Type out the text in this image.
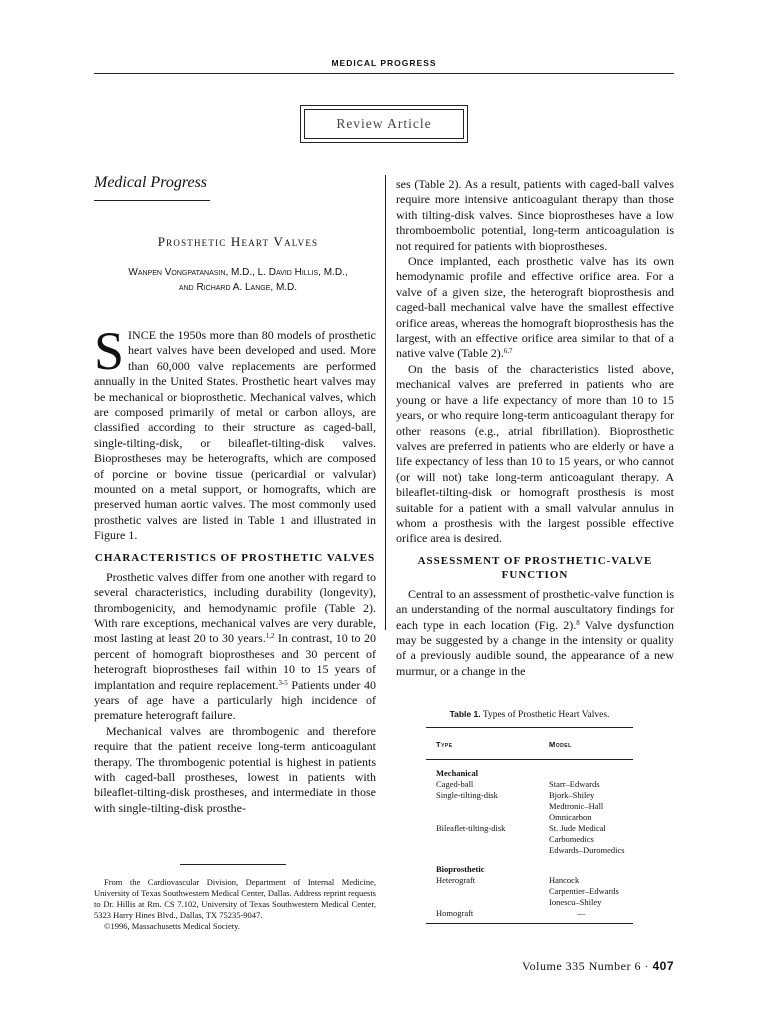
MEDICAL PROGRESS
Review Article
Medical Progress
Prosthetic Heart Valves
Wanpen Vongpatanasin, M.D., L. David Hillis, M.D.,
and Richard A. Lange, M.D.

SINCE the 1950s more than 80 models of prosthetic heart valves have been developed and used. More than 60,000 valve replacements are performed annually in the United States. Prosthetic heart valves may be mechanical or bioprosthetic. Mechanical valves, which are composed primarily of metal or carbon alloys, are classified according to their structure as caged-ball, single-tilting-disk, or bileaflet-tilting-disk valves. Bioprostheses may be heterografts, which are composed of porcine or bovine tissue (pericardial or valvular) mounted on a metal support, or homografts, which are preserved human aortic valves. The most commonly used prosthetic valves are listed in Table 1 and illustrated in Figure 1.

CHARACTERISTICS OF PROSTHETIC VALVES

Prosthetic valves differ from one another with regard to several characteristics, including durability (longevity), thrombogenicity, and hemodynamic profile (Table 2). With rare exceptions, mechanical valves are very durable, most lasting at least 20 to 30 years.$^{1,2}$ In contrast, 10 to 20 percent of homograft bioprostheses and 30 percent of heterograft bioprostheses fail within 10 to 15 years of implantation and require replacement.$^{3-5}$ Patients under 40 years of age have a particularly high incidence of premature heterograft failure.

Mechanical valves are thrombogenic and therefore require that the patient receive long-term anticoagulant therapy. The thrombogenic potential is highest in patients with caged-ball prostheses, lowest in patients with bileaflet-tilting-disk prostheses, and intermediate in those with single-tilting-disk prosthe-

ses (Table 2). As a result, patients with caged-ball valves require more intensive anticoagulant therapy than those with tilting-disk valves. Since bioprostheses have a low thromboembolic potential, long-term anticoagulation is not required for patients with bioprostheses.

Once implanted, each prosthetic valve has its own hemodynamic profile and effective orifice area. For a valve of a given size, the heterograft bioprosthesis and caged-ball mechanical valve have the smallest effective orifice areas, whereas the homograft bioprosthesis has the largest, with an effective orifice area similar to that of a native valve (Table 2).$^{6,7}$

On the basis of the characteristics listed above, mechanical valves are preferred in patients who are young or have a life expectancy of more than 10 to 15 years, or who require long-term anticoagulant therapy for other reasons (e.g., atrial fibrillation). Bioprosthetic valves are preferred in patients who are elderly or have a life expectancy of less than 10 to 15 years, or who cannot (or will not) take long-term anticoagulant therapy. A bileaflet-tilting-disk or homograft prosthesis is most suitable for a patient with a small valvular annulus in whom a prosthesis with the largest possible effective orifice area is desired.

ASSESSMENT OF PROSTHETIC-VALVE FUNCTION

Central to an assessment of prosthetic-valve function is an understanding of the normal auscultatory findings for each type in each location (Fig. 2).$^8$ Valve dysfunction may be suggested by a change in the intensity or quality of a previously audible sound, the appearance of a new murmur, or a change in the

From the Cardiovascular Division, Department of Internal Medicine, University of Texas Southwestern Medical Center, Dallas. Address reprint requests to Dr. Hillis at Rm. CS 7.102, University of Texas Southwestern Medical Center, 5323 Harry Hines Blvd., Dallas, TX 75235-9047.

©1996, Massachusetts Medical Society.

Table 1. Types of Prosthetic Heart Valves.
Type	Model
Mechanical
Caged-ball	Starr–Edwards
Single-tilting-disk	Bjork–Shiley
Medtronic–Hall
Omnicarbon
Bileaflet-tilting-disk	St. Jude Medical
Carbomedics
Edwards–Duromedics
Bioprosthetic
Heterograft	Hancock
Carpentier–Edwards
Ionescu–Shiley
Homograft	—
Volume 335 Number 6 · 407
